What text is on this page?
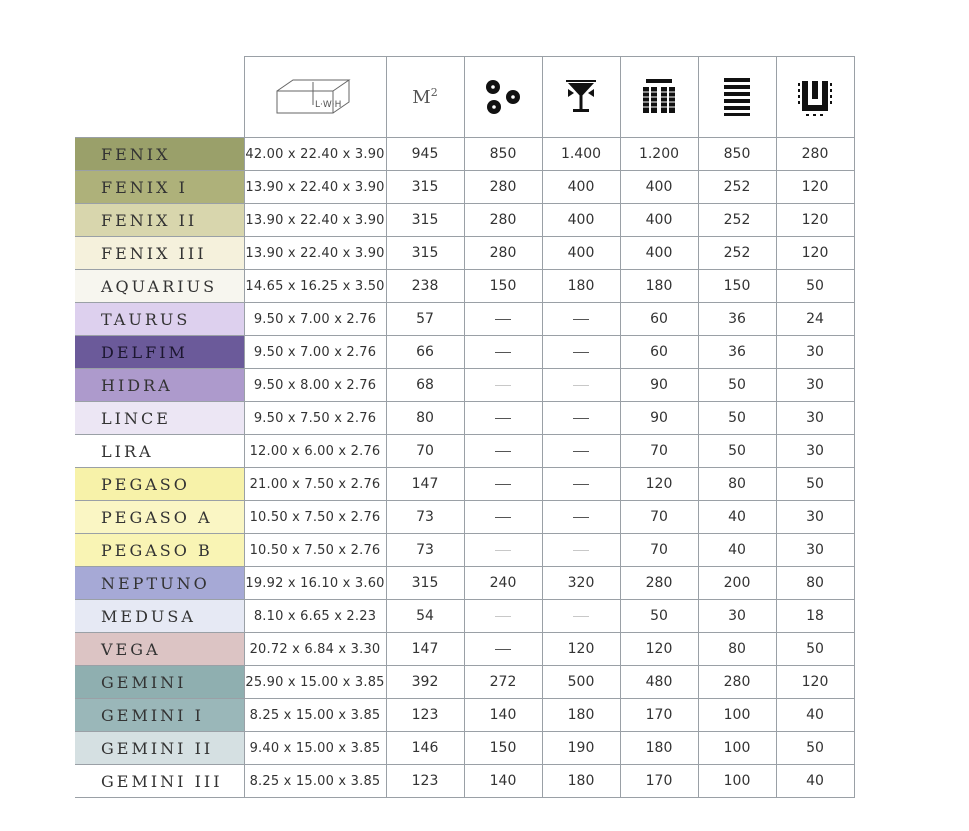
L·W·H	$M^2$	

FENIX	42.00 x 22.40 x 3.90	945	850	1.400	1.200	850	280
FENIX I	13.90 x 22.40 x 3.90	315	280	400	400	252	120
FENIX II	13.90 x 22.40 x 3.90	315	280	400	400	252	120
FENIX III	13.90 x 22.40 x 3.90	315	280	400	400	252	120
AQUARIUS	14.65 x 16.25 x 3.50	238	150	180	180	150	50
TAURUS	9.50 x 7.00 x 2.76	57			60	36	24
DELFIM	9.50 x 7.00 x 2.76	66			60	36	30
HIDRA	9.50 x 8.00 x 2.76	68			90	50	30
LINCE	9.50 x 7.50 x 2.76	80			90	50	30
LIRA	12.00 x 6.00 x 2.76	70			70	50	30
PEGASO	21.00 x 7.50 x 2.76	147			120	80	50
PEGASO A	10.50 x 7.50 x 2.76	73			70	40	30
PEGASO B	10.50 x 7.50 x 2.76	73			70	40	30
NEPTUNO	19.92 x 16.10 x 3.60	315	240	320	280	200	80
MEDUSA	8.10 x 6.65 x 2.23	54			50	30	18
VEGA	20.72 x 6.84 x 3.30	147		120	120	80	50
GEMINI	25.90 x 15.00 x 3.85	392	272	500	480	280	120
GEMINI I	8.25 x 15.00 x 3.85	123	140	180	170	100	40
GEMINI II	9.40 x 15.00 x 3.85	146	150	190	180	100	50
GEMINI III	8.25 x 15.00 x 3.85	123	140	180	170	100	40
